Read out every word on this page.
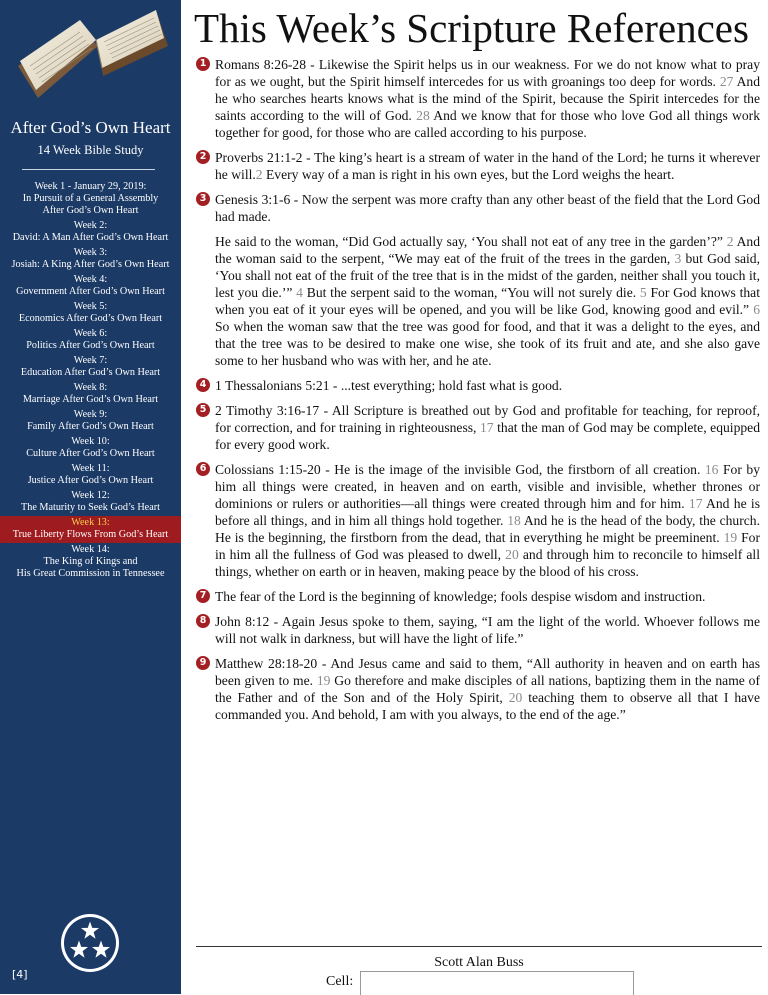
After God’s Own Heart
14 Week Bible Study
Week 1 - January 29, 2019:
In Pursuit of a General Assembly
After God’s Own Heart
Week 2:
David: A Man After God’s Own Heart
Week 3:
Josiah: A King After God’s Own Heart
Week 4:
Government After God’s Own Heart
Week 5:
Economics After God’s Own Heart
Week 6:
Politics After God’s Own Heart
Week 7:
Education After God’s Own Heart
Week 8:
Marriage After God’s Own Heart
Week 9:
Family After God’s Own Heart
Week 10:
Culture After God’s Own Heart
Week 11:
Justice After God’s Own Heart
Week 12:
The Maturity to Seek God’s Heart
Week 13:
True Liberty Flows From God’s Heart
Week 14:
The King of Kings and
His Great Commission in Tennessee
[4]
This Week’s Scripture References
1 Romans 8:26-28 - Likewise the Spirit helps us in our weakness. For we do not know what to pray for as we ought, but the Spirit himself intercedes for us with groanings too deep for words. 27 And he who searches hearts knows what is the mind of the Spirit, because the Spirit intercedes for the saints according to the will of God. 28 And we know that for those who love God all things work together for good, for those who are called according to his purpose.
2 Proverbs 21:1-2 - The king’s heart is a stream of water in the hand of the Lord; he turns it wherever he will.2 Every way of a man is right in his own eyes, but the Lord weighs the heart.
3 Genesis 3:1-6 - Now the serpent was more crafty than any other beast of the field that the Lord God had made.
He said to the woman, “Did God actually say, ‘You shall not eat of any tree in the garden’?” 2 And the woman said to the serpent, “We may eat of the fruit of the trees in the garden, 3 but God said, ‘You shall not eat of the fruit of the tree that is in the midst of the garden, neither shall you touch it, lest you die.’” 4 But the serpent said to the woman, “You will not surely die. 5 For God knows that when you eat of it your eyes will be opened, and you will be like God, knowing good and evil.” 6 So when the woman saw that the tree was good for food, and that it was a delight to the eyes, and that the tree was to be desired to make one wise, she took of its fruit and ate, and she also gave some to her husband who was with her, and he ate.
4 1 Thessalonians 5:21 - ...test everything; hold fast what is good.
5 2 Timothy 3:16-17 - All Scripture is breathed out by God and profitable for teaching, for reproof, for correction, and for training in righteousness, 17 that the man of God may be complete, equipped for every good work.
6 Colossians 1:15-20 - He is the image of the invisible God, the firstborn of all creation. 16 For by him all things were created, in heaven and on earth, visible and invisible, whether thrones or dominions or rulers or authorities—all things were created through him and for him. 17 And he is before all things, and in him all things hold together. 18 And he is the head of the body, the church. He is the beginning, the firstborn from the dead, that in everything he might be preeminent. 19 For in him all the fullness of God was pleased to dwell, 20 and through him to reconcile to himself all things, whether on earth or in heaven, making peace by the blood of his cross.
7 The fear of the Lord is the beginning of knowledge; fools despise wisdom and instruction.
8 John 8:12 - Again Jesus spoke to them, saying, “I am the light of the world. Whoever follows me will not walk in darkness, but will have the light of life.”
9 Matthew 28:18-20 - And Jesus came and said to them, “All authority in heaven and on earth has been given to me. 19 Go therefore and make disciples of all nations, baptizing them in the name of the Father and of the Son and of the Holy Spirit, 20 teaching them to observe all that I have commanded you. And behold, I am with you always, to the end of the age.”
Scott Alan Buss
Cell:
